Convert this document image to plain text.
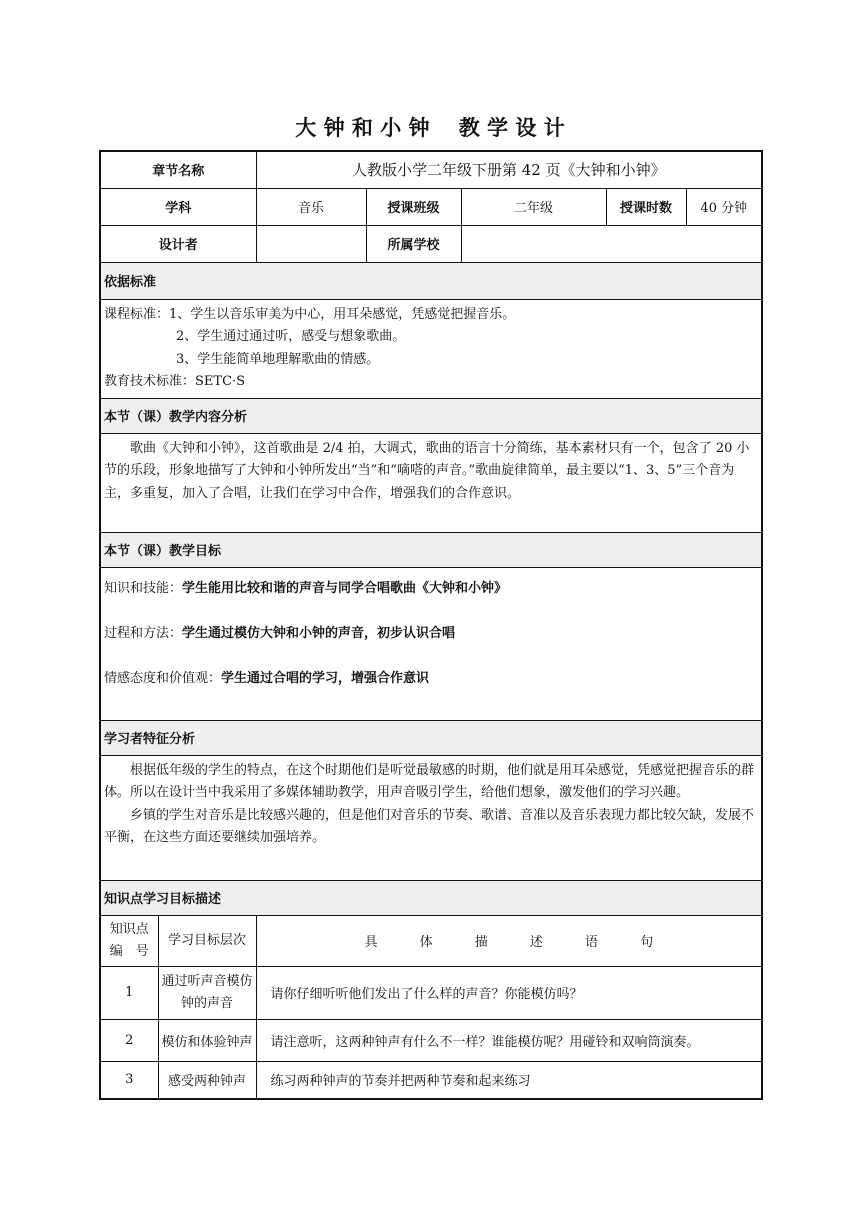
大 钟 和 小 钟    教 学 设 计
章节名称		人教版小学二年级下册第 42 页《大钟和小钟》				
学科		音乐	授课班级	二年级	授课时数	40 分钟
设计者			所属学校			
依据标准						

课程标准：1、学生以音乐审美为中心，用耳朵感觉，凭感觉把握音乐。
2、学生通过通过听，感受与想象歌曲。
3、学生能简单地理解歌曲的情感。
教育技术标准：SETC·S						

本节（课）教学内容分析						

歌曲《大钟和小钟》，这首歌曲是 2/4 拍，大调式，歌曲的语言十分简练，基本素材只有一个，包含了 20 小节的乐段，形象地描写了大钟和小钟所发出“当”和“嘀嗒的声音。”歌曲旋律简单，最主要以“1、3、5”三个音为主，多重复，加入了合唱，让我们在学习中合作，增强我们的合作意识。						

本节（课）教学目标						

知识和技能：学生能用比较和谐的声音与同学合唱歌曲《大钟和小钟》
过程和方法：学生通过模仿大钟和小钟的声音，初步认识合唱
情感态度和价值观：学生通过合唱的学习，增强合作意识						

学习者特征分析						

根据低年级的学生的特点，在这个时期他们是听觉最敏感的时期，他们就是用耳朵感觉，凭感觉把握音乐的群体。所以在设计当中我采用了多媒体辅助教学，用声音吸引学生，给他们想象，激发他们的学习兴趣。
乡镇的学生对音乐是比较感兴趣的，但是他们对音乐的节奏、歌谱、音准以及音乐表现力都比较欠缺，发展不平衡，在这些方面还要继续加强培养。						

知识点学习目标描述						
知识点编　号	学习目标层次	具 体 描 述 语 句				
1	通过听声音模仿钟的声音	请你仔细听听他们发出了什么样的声音？你能模仿吗？				
2	模仿和体验钟声	请注意听，这两种钟声有什么不一样？谁能模仿呢？用碰铃和双响筒演奏。				
3	感受两种钟声	练习两种钟声的节奏并把两种节奏和起来练习				
